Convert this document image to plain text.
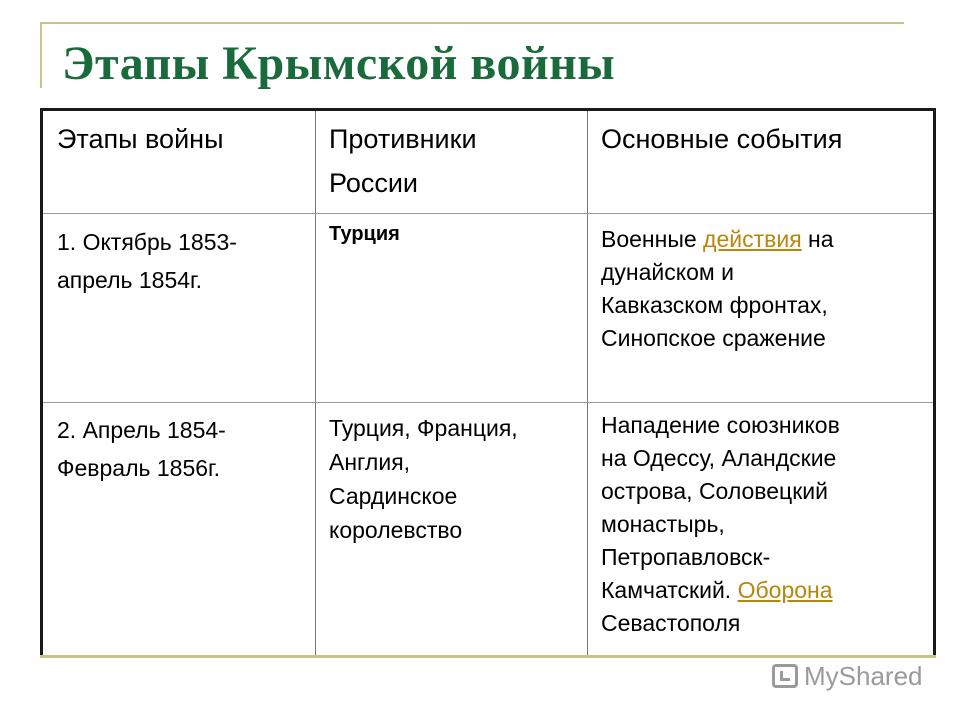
Этапы Крымской войны
Этапы войны	Противники
России
Основные события
1. Октябрь 1853-
апрель 1854г.
Турция	Военные действия на
дунайском и
Кавказском фронтах,
Синопское сражение
2. Апрель 1854-
Февраль 1856г.
Турция, Франция,
Англия,
Сардинское
королевство
Нападение союзников
на Одессу, Аландские
острова, Соловецкий
монастырь,
Петропавловск-
Камчатский. Оборона
Севастополя
MyShared
